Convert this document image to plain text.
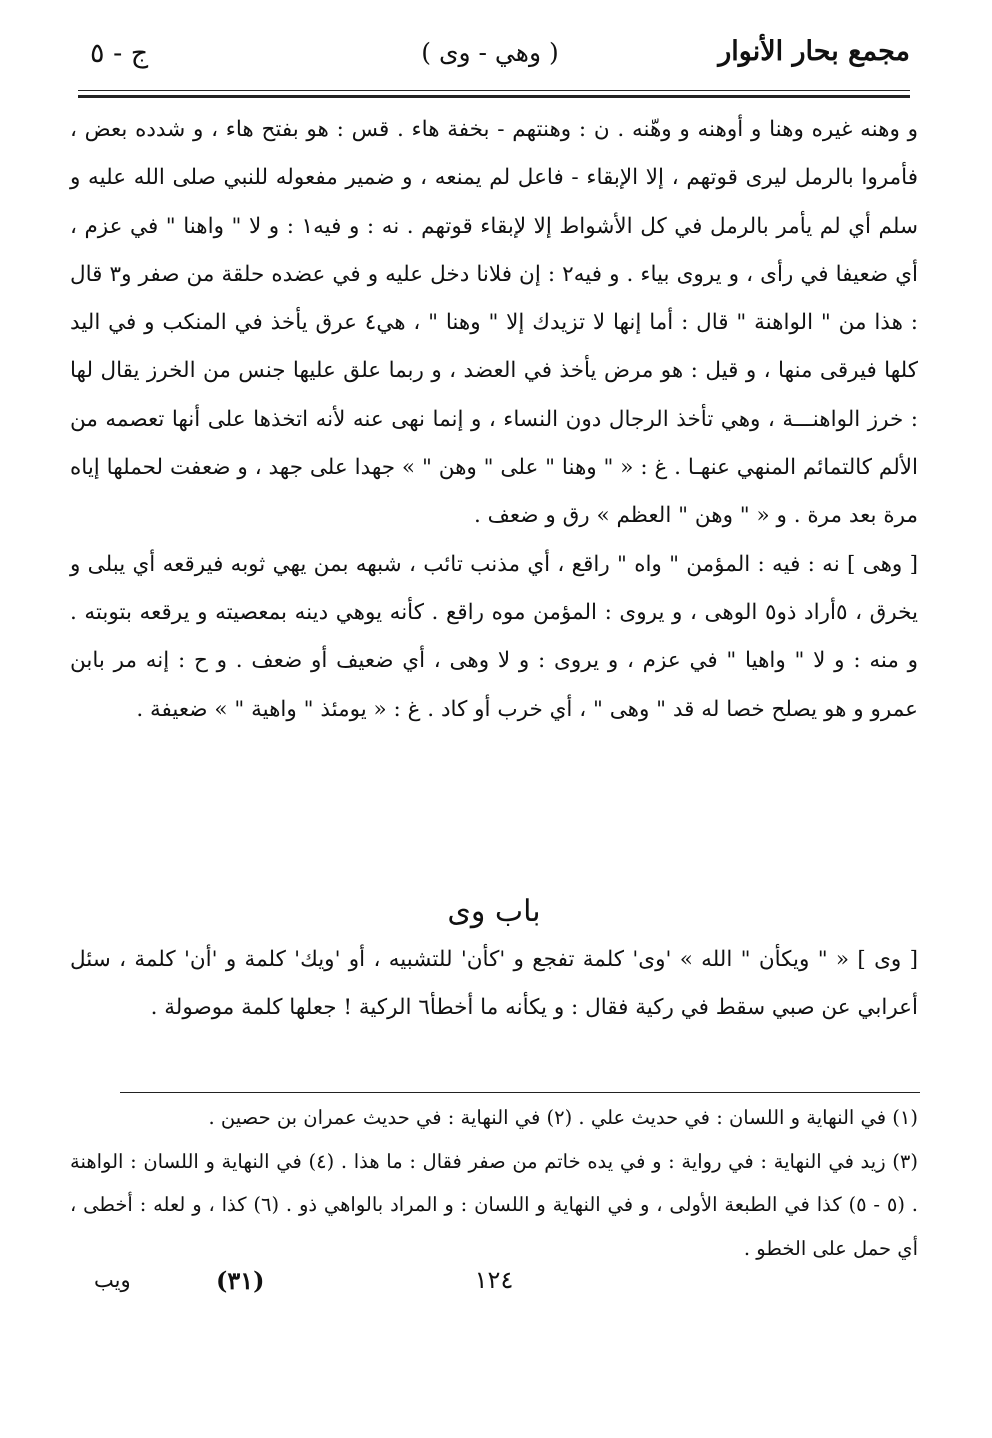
ج - ٥	( وهي - وى )	مجمع بحار الأنوار

و وهنه غيره وهنا و أوهنه و وهّنه . ن : وهنتهم - بخفة هاء . قس : هو بفتح هاء ، و شدده بعض ، فأمروا بالرمل ليرى قوتهم ، إلا الإبقاء - فاعل لم يمنعه ، و ضمير مفعوله للنبي صلى الله عليه و سلم أي لم يأمر بالرمل في كل الأشواط إلا لإبقاء قوتهم . نه : و فيه١ : و لا " واهنا " في عزم ، أي ضعيفا في رأى ، و يروى بياء . و فيه٢ : إن فلانا دخل عليه و في عضده حلقة من صفر و٣ قال : هذا من " الواهنة " قال : أما إنها لا تزيدك إلا " وهنا " ، هي٤ عرق يأخذ في المنكب و في اليد كلها فيرقى منها ، و قيل : هو مرض يأخذ في العضد ، و ربما علق عليها جنس من الخرز يقال لها : خرز الواهنـــة ، وهي تأخذ الرجال دون النساء ، و إنما نهى عنه لأنه اتخذها على أنها تعصمه من الألم كالتمائم المنهي عنهـا . غ : « " وهنا " على " وهن " » جهدا على جهد ، و ضعفت لحملها إياه مرة بعد مرة . و « " وهن " العظم » رق و ضعف .

[ وهى ] نه : فيه : المؤمن " واه " راقع ، أي مذنب تائب ، شبهه بمن يهي ثوبه فيرقعه أي يبلى و يخرق ، ٥أراد ذو٥ الوهى ، و يروى : المؤمن موه راقع . كأنه يوهي دينه بمعصيته و يرقعه بتوبته . و منه : و لا " واهيا " في عزم ، و يروى : و لا وهى ، أي ضعيف أو ضعف . و ح : إنه مر بابن عمرو و هو يصلح خصا له قد " وهى " ، أي خرب أو كاد . غ : « يومئذ " واهية " » ضعيفة .

باب وى

[ وى ] « " ويكأن " الله » 'وى' كلمة تفجع و 'كأن' للتشبيه ، أو 'ويك' كلمة و 'أن' كلمة ، سئل أعرابي عن صبي سقط في ركية فقال : و يكأنه ما أخطأ٦ الركية ! جعلها كلمة موصولة .

(١) في النهاية و اللسان : في حديث علي . (٢) في النهاية : في حديث عمران بن حصين .

(٣) زيد في النهاية : في رواية : و في يده خاتم من صفر فقال : ما هذا . (٤) في النهاية و اللسان : الواهنة . (٥ - ٥) كذا في الطبعة الأولى ، و في النهاية و اللسان : و المراد بالواهي ذو . (٦) كذا ، و لعله : أخطى ، أي حمل على الخطو .

ويب	(٣١)	١٢٤
